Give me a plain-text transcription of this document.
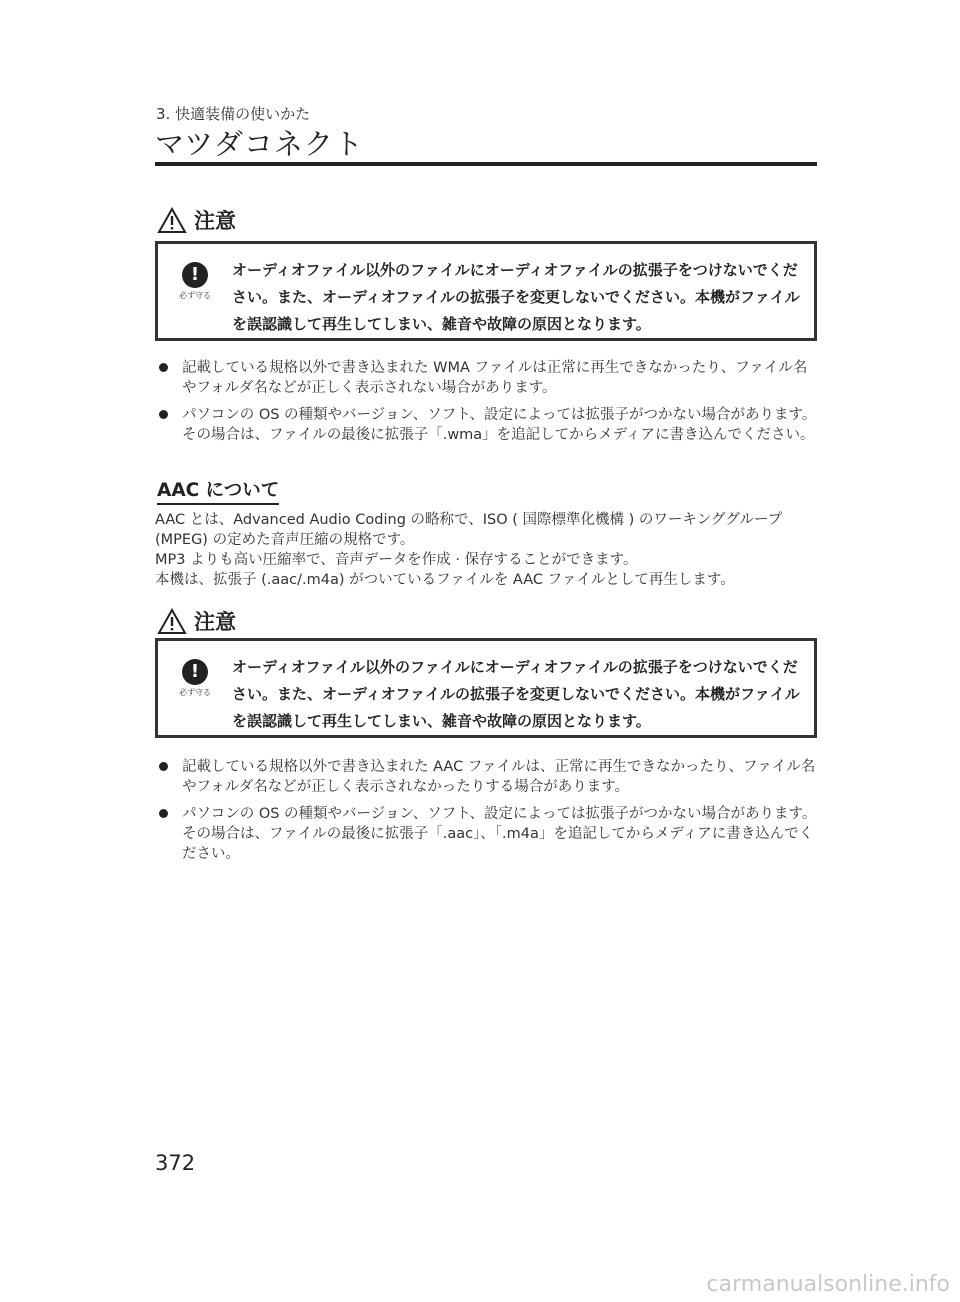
3. 快適装備の使いかた
マツダコネクト
注意
!
必ず守る
オーディオファイル以外のファイルにオーディオファイルの拡張子をつけないでください。また、オーディオファイルの拡張子を変更しないでください。本機がファイルを誤認識して再生してしまい、雑音や故障の原因となります。
記載している規格以外で書き込まれた WMA ファイルは正常に再生できなかったり、ファイル名やフォルダ名などが正しく表示されない場合があります。
パソコンの OS の種類やバージョン、ソフト、設定によっては拡張子がつかない場合があります。その場合は、ファイルの最後に拡張子「.wma」を追記してからメディアに書き込んでください。
AAC について
AAC とは、Advanced Audio Coding の略称で、ISO ( 国際標準化機構 ) のワーキンググループ (MPEG) の定めた音声圧縮の規格です。
MP3 よりも高い圧縮率で、音声データを作成 · 保存することができます。
本機は、拡張子 (.aac/.m4a) がついているファイルを AAC ファイルとして再生します。
注意
!
必ず守る
オーディオファイル以外のファイルにオーディオファイルの拡張子をつけないでください。また、オーディオファイルの拡張子を変更しないでください。本機がファイルを誤認識して再生してしまい、雑音や故障の原因となります。
記載している規格以外で書き込まれた AAC ファイルは、正常に再生できなかったり、ファイル名やフォルダ名などが正しく表示されなかったりする場合があります。
パソコンの OS の種類やバージョン、ソフト、設定によっては拡張子がつかない場合があります。その場合は、ファイルの最後に拡張子「.aac」、「.m4a」を追記してからメディアに書き込んでください。
372
carmanualsonline.info
